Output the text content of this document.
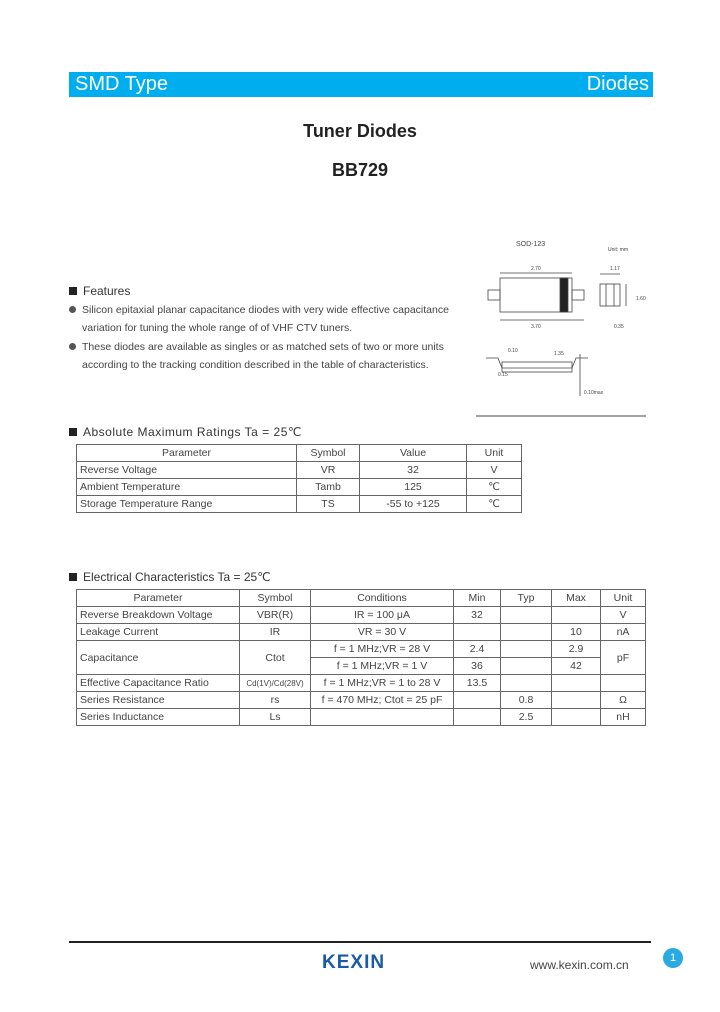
SMD Type	Diodes
Tuner Diodes
BB729
Features
Silicon epitaxial planar capacitance diodes with very wide effective capacitance
variation for tuning the whole range of of VHF CTV tuners.
These diodes are available as singles or as matched sets of two or more units
according to the tracking condition described in the table of characteristics.
SOD-123
Unit: mm
2.70
3.70
1.17
1.60
0.35
0.10	1.35
0.10max
0.15
Absolute Maximum Ratings Ta = 25℃
Parameter	Symbol	Value	Unit
Reverse Voltage	VR	32	V
Ambient Temperature	Tamb	125	℃
Storage Temperature Range	TS	-55 to +125	℃
Electrical Characteristics Ta = 25℃
Parameter	Symbol	Conditions	Min	Typ	Max	Unit
Reverse Breakdown Voltage	VBR(R)	IR = 100 μA	32			V
Leakage Current	IR	VR = 30 V			10	nA
Capacitance	Ctot	f = 1 MHz;VR = 28 V	2.4		2.9	pF
		f = 1 MHz;VR = 1 V	36		42	
Effective Capacitance Ratio	Cd(1V)/Cd(28V)	f = 1 MHz;VR = 1 to 28 V	13.5			
Series Resistance	rs	f = 470 MHz; Ctot = 25 pF		0.8		Ω
Series Inductance	Ls			2.5		nH
KEXIN	www.kexin.com.cn	1
